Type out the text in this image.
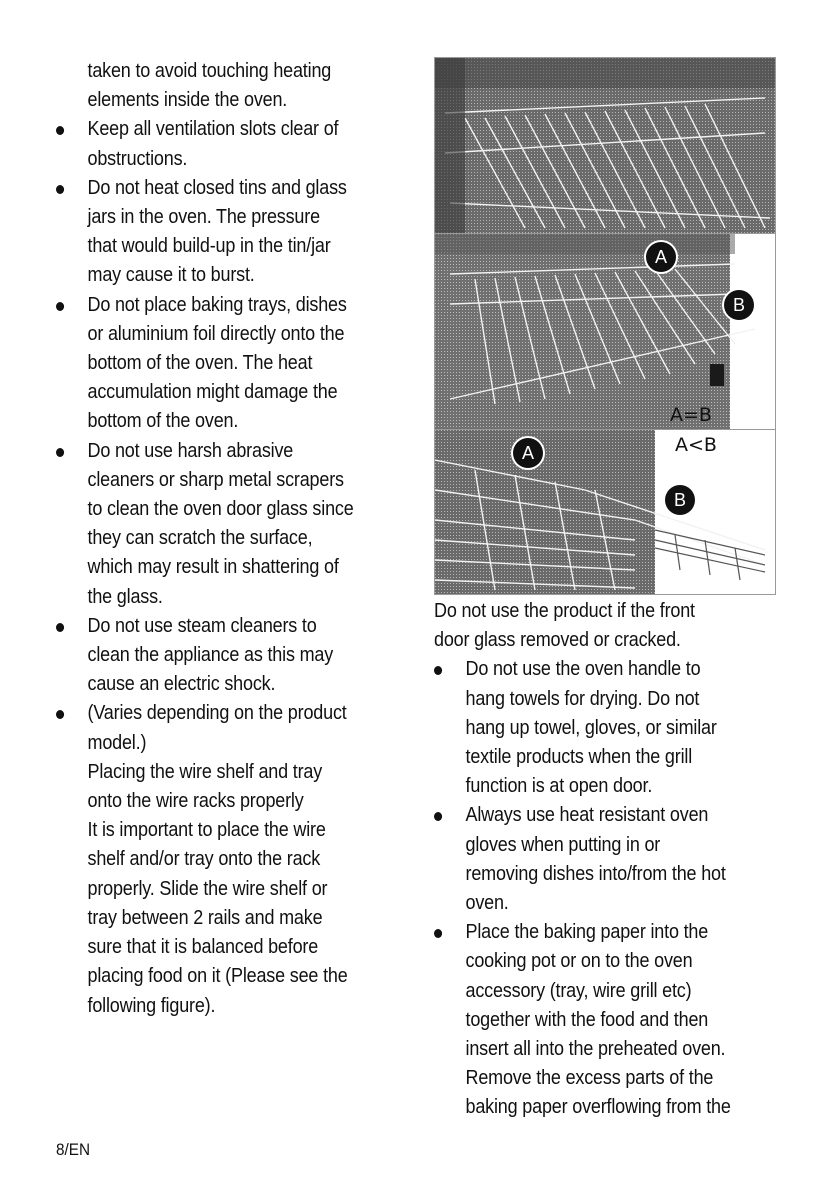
taken to avoid touching heating
elements inside the oven.
Keep all ventilation slots clear of
obstructions.
Do not heat closed tins and glass
jars in the oven. The pressure
that would build-up in the tin/jar
may cause it to burst.
Do not place baking trays, dishes
or aluminium foil directly onto the
bottom of the oven. The heat
accumulation might damage the
bottom of the oven.
Do not use harsh abrasive
cleaners or sharp metal scrapers
to clean the oven door glass since
they can scratch the surface,
which may result in shattering of
the glass.
Do not use steam cleaners to
clean the appliance as this may
cause an electric shock.
(Varies depending on the product
model.)
Placing the wire shelf and tray
onto the wire racks properly
It is important to place the wire
shelf and/or tray onto the rack
properly. Slide the wire shelf or
tray between 2 rails and make
sure that it is balanced before
placing food on it (Please see the
following figure).
A
B
A=B
A
B
A<B
Do not use the product if the front
door glass removed or cracked.
Do not use the oven handle to
hang towels for drying. Do not
hang up towel, gloves, or similar
textile products when the grill
function is at open door.
Always use heat resistant oven
gloves when putting in or
removing dishes into/from the hot
oven.
Place the baking paper into the
cooking pot or on to the oven
accessory (tray, wire grill etc)
together with the food and then
insert all into the preheated oven.
Remove the excess parts of the
baking paper overflowing from the
8/EN
